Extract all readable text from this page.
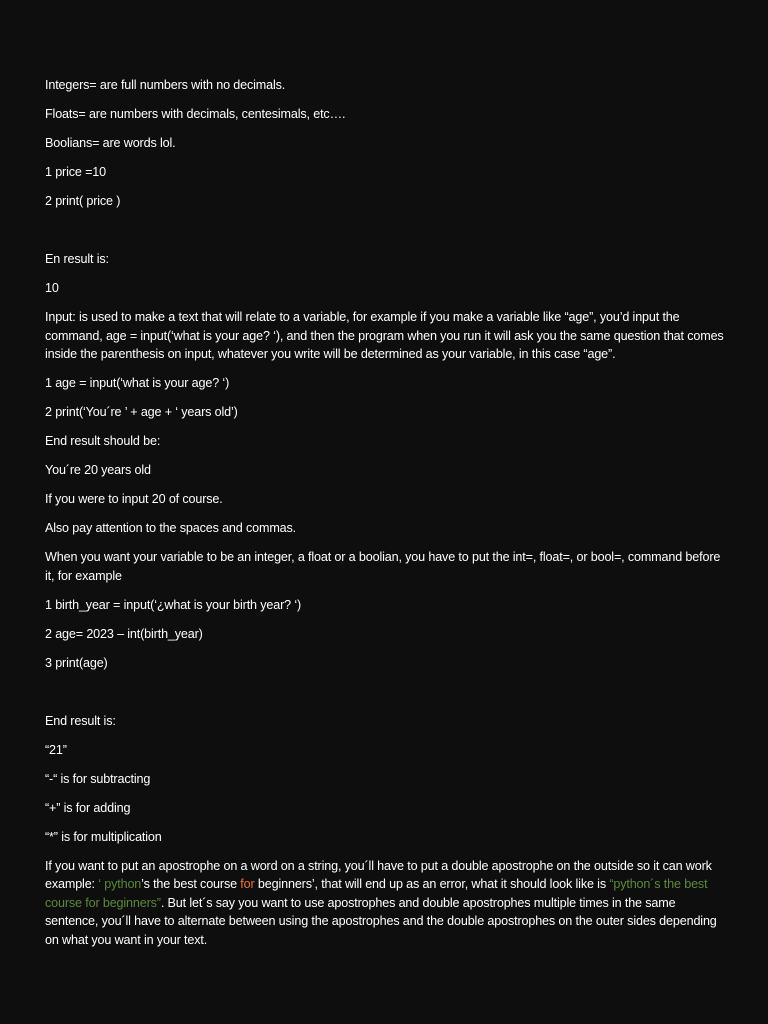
Integers= are full numbers with no decimals.

Floats= are numbers with decimals, centesimals, etc….

Boolians= are words lol.

1 price =10

2 print( price )

En result is:

10

Input: is used to make a text that will relate to a variable, for example if you make a variable like “age”, you’d input the command, age = input(‘what is your age? ‘), and then the program when you run it will ask you the same question that comes inside the parenthesis on input, whatever you write will be determined as your variable, in this case “age”.

1 age = input(‘what is your age? ‘)

2 print(‘You´re ’ + age + ‘ years old’)

End result should be:

You´re 20 years old

If you were to input 20 of course.

Also pay attention to the spaces and commas.

When you want your variable to be an integer, a float or a boolian, you have to put the int=, float=, or bool=, command before it, for example

1 birth_year = input(‘¿what is your birth year? ‘)

2 age= 2023 – int(birth_year)

3 print(age)

End result is:

“21”

“-“ is for subtracting

“+” is for adding

“*” is for multiplication

If you want to put an apostrophe on a word on a string, you´ll have to put a double apostrophe on the outside so it can work example: ‘ python’s the best course for beginners’, that will end up as an error, what it should look like is “python´s the best course for beginners”. But let´s say you want to use apostrophes and double apostrophes multiple times in the same sentence, you´ll have to alternate between using the apostrophes and the double apostrophes on the outer sides depending on what you want in your text.
